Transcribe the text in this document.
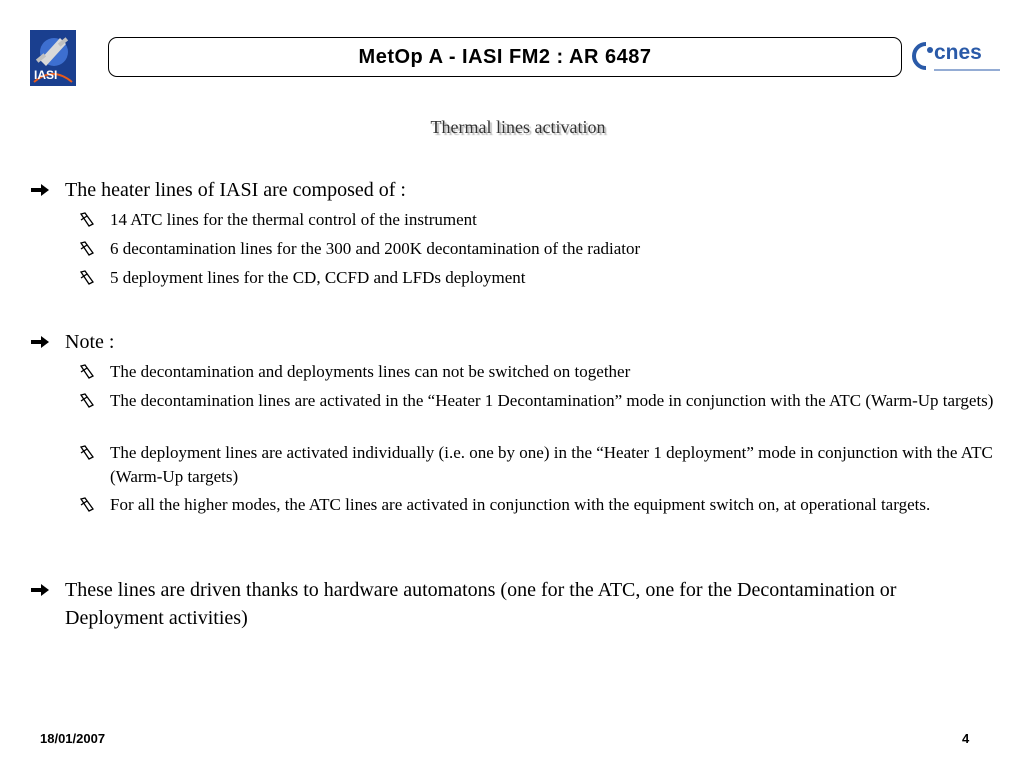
IASI
MetOp A - IASI FM2 : AR 6487	cnes
Thermal lines activation
The heater lines of IASI are composed of :
14 ATC lines for the thermal control of the instrument
6 decontamination lines for the 300 and 200K decontamination of the radiator
5 deployment lines for the CD, CCFD and LFDs deployment
Note :
The decontamination and deployments lines can not be switched on together
The decontamination lines are activated in the “Heater 1 Decontamination” mode in conjunction with the ATC (Warm-Up targets)
The deployment lines are activated individually (i.e. one by one) in the “Heater 1 deployment” mode in conjunction with the ATC (Warm-Up targets)
For all the higher modes, the ATC lines are activated in conjunction with the equipment switch on, at operational targets.
These lines are driven thanks to hardware automatons (one for the ATC, one for the Decontamination or Deployment activities)
18/01/2007	4
